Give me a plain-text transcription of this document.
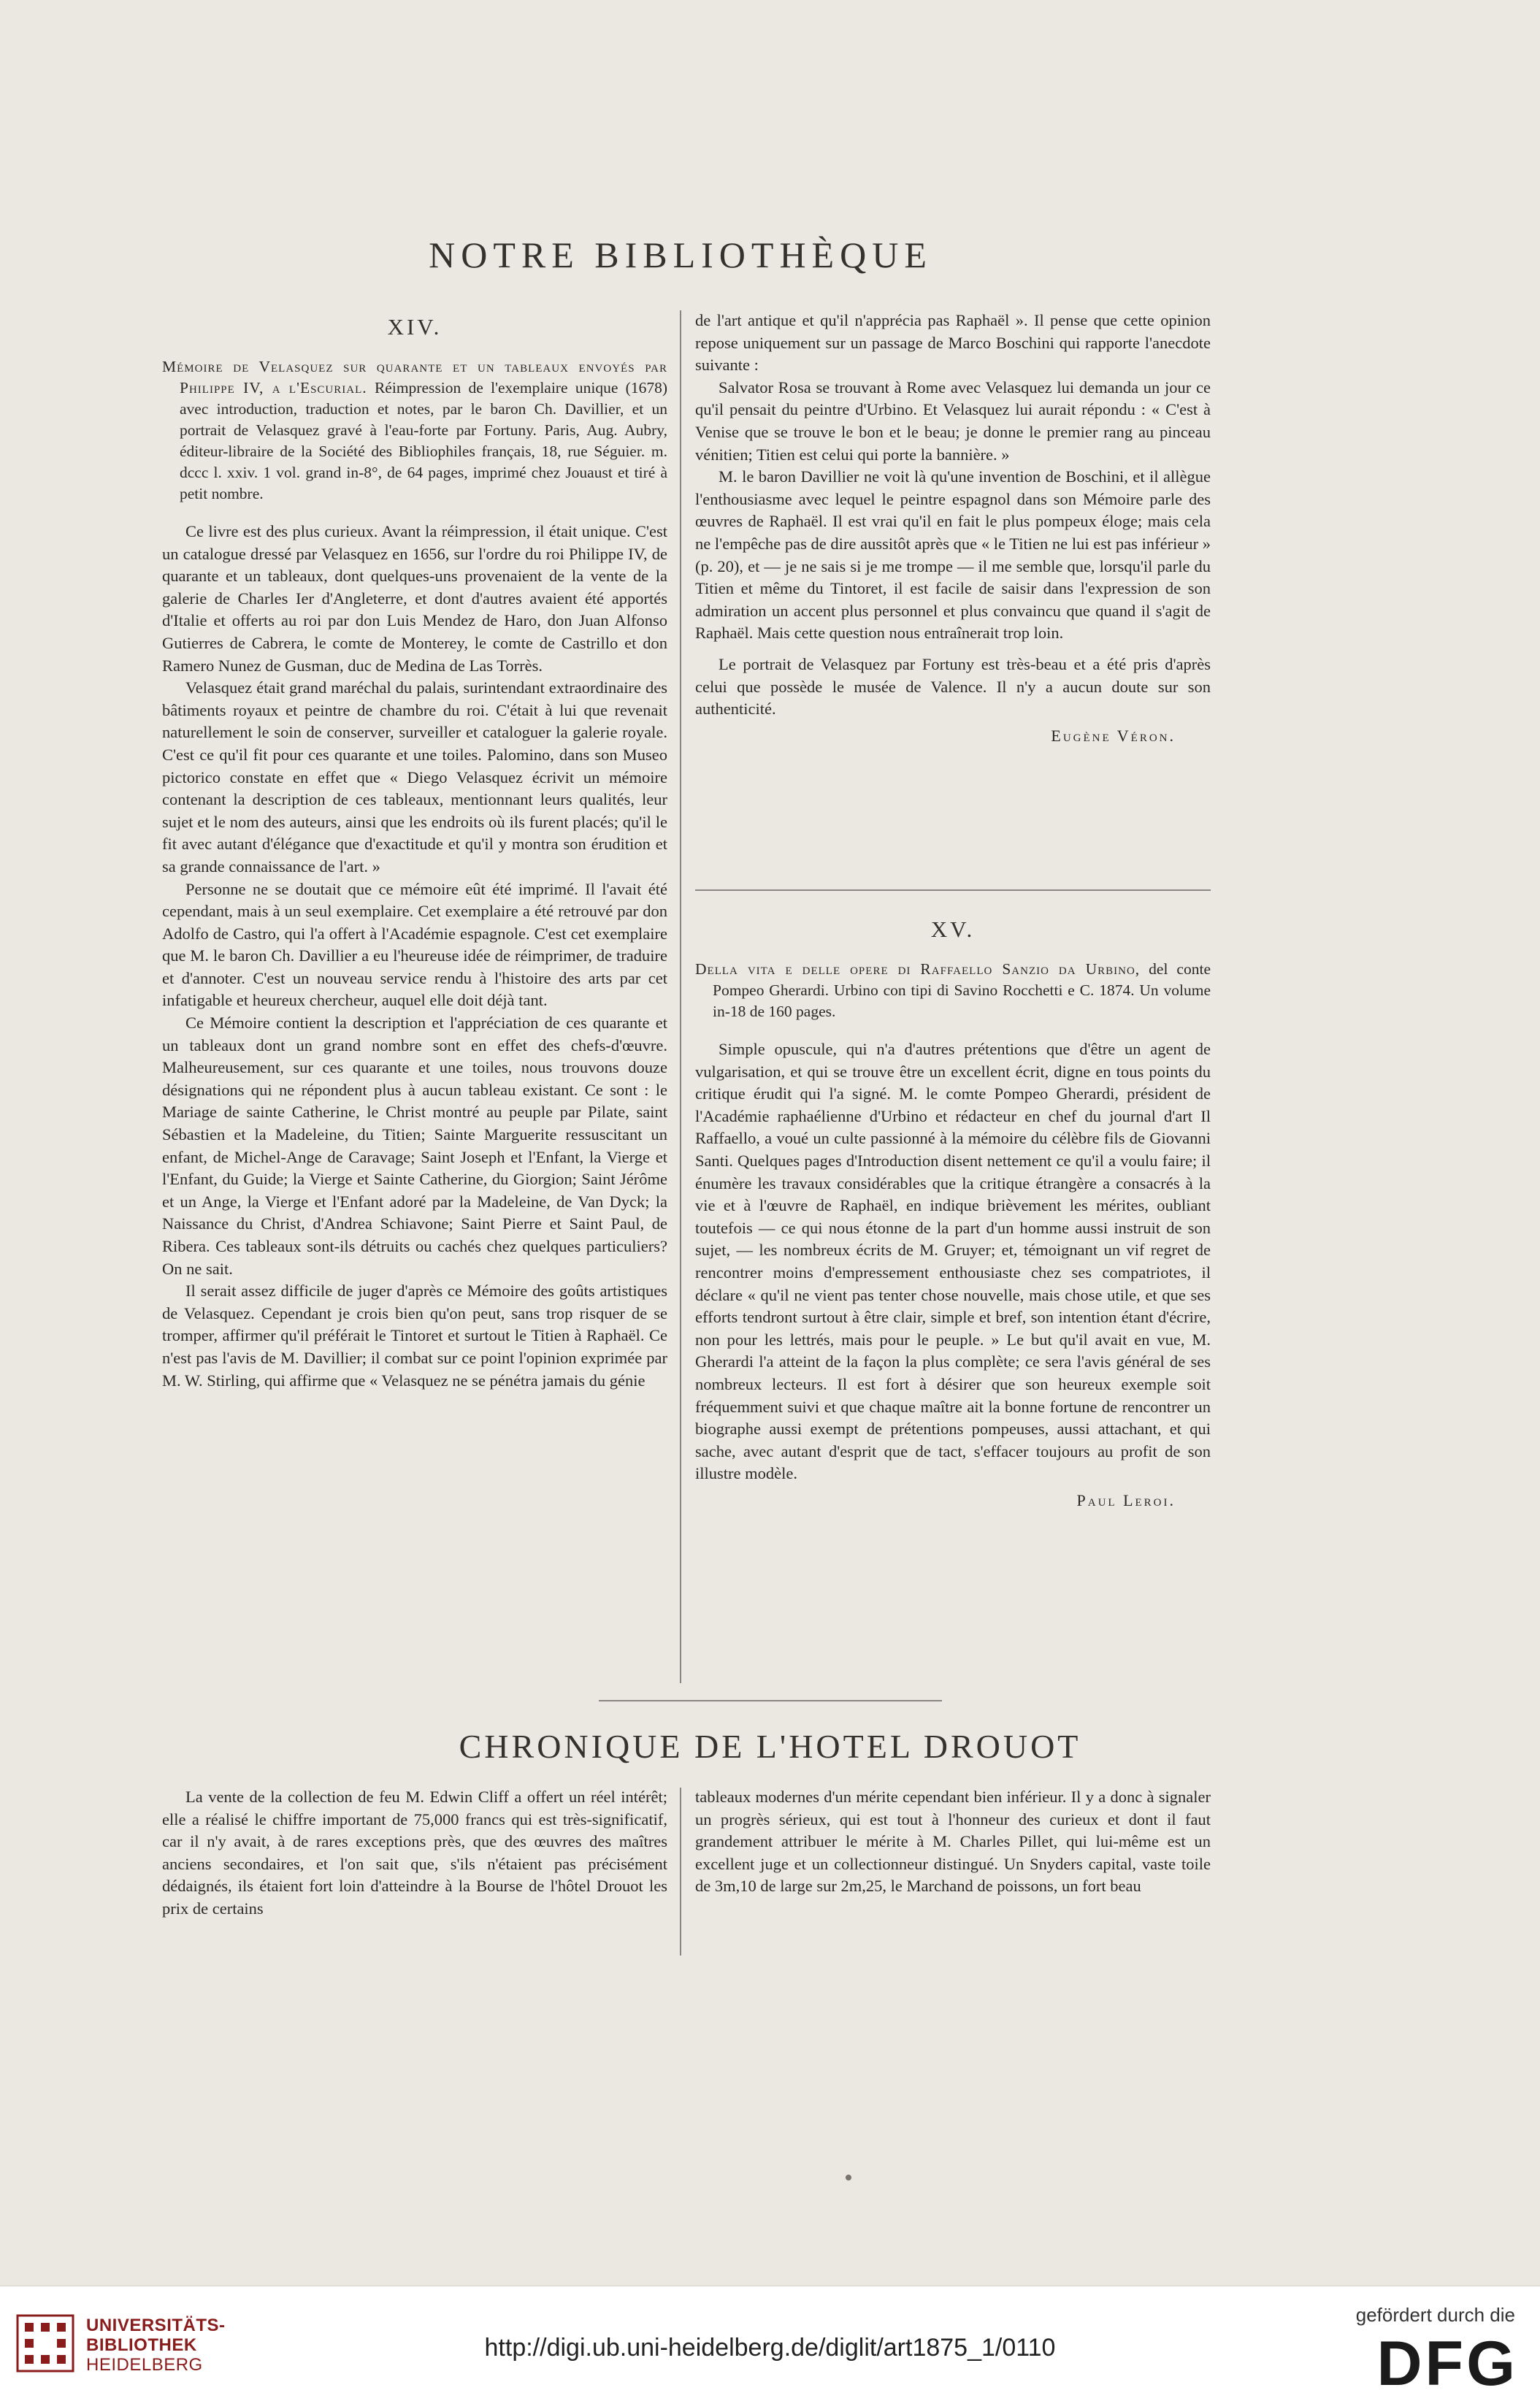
NOTRE BIBLIOTHÈQUE
XIV.
Mémoire de Velasquez sur quarante et un tableaux envoyés par Philippe IV, a l'Escurial. Réimpression de l'exemplaire unique (1678) avec introduction, traduction et notes, par le baron Ch. Davillier, et un portrait de Velasquez gravé à l'eau-forte par Fortuny. Paris, Aug. Aubry, éditeur-libraire de la Société des Bibliophiles français, 18, rue Séguier. m. dccc l. xxiv. 1 vol. grand in-8°, de 64 pages, imprimé chez Jouaust et tiré à petit nombre.

Ce livre est des plus curieux. Avant la réimpression, il était unique. C'est un catalogue dressé par Velasquez en 1656, sur l'ordre du roi Philippe IV, de quarante et un tableaux, dont quelques-uns provenaient de la vente de la galerie de Charles Ier d'Angleterre, et dont d'autres avaient été apportés d'Italie et offerts au roi par don Luis Mendez de Haro, don Juan Alfonso Gutierres de Cabrera, le comte de Monterey, le comte de Castrillo et don Ramero Nunez de Gusman, duc de Medina de Las Torrès.

Velasquez était grand maréchal du palais, surintendant extraordinaire des bâtiments royaux et peintre de chambre du roi. C'était à lui que revenait naturellement le soin de conserver, surveiller et cataloguer la galerie royale. C'est ce qu'il fit pour ces quarante et une toiles. Palomino, dans son Museo pictorico constate en effet que « Diego Velasquez écrivit un mémoire contenant la description de ces tableaux, mentionnant leurs qualités, leur sujet et le nom des auteurs, ainsi que les endroits où ils furent placés; qu'il le fit avec autant d'élégance que d'exactitude et qu'il y montra son érudition et sa grande connaissance de l'art. »

Personne ne se doutait que ce mémoire eût été imprimé. Il l'avait été cependant, mais à un seul exemplaire. Cet exemplaire a été retrouvé par don Adolfo de Castro, qui l'a offert à l'Académie espagnole. C'est cet exemplaire que M. le baron Ch. Davillier a eu l'heureuse idée de réimprimer, de traduire et d'annoter. C'est un nouveau service rendu à l'histoire des arts par cet infatigable et heureux chercheur, auquel elle doit déjà tant.

Ce Mémoire contient la description et l'appréciation de ces quarante et un tableaux dont un grand nombre sont en effet des chefs-d'œuvre. Malheureusement, sur ces quarante et une toiles, nous trouvons douze désignations qui ne répondent plus à aucun tableau existant. Ce sont : le Mariage de sainte Catherine, le Christ montré au peuple par Pilate, saint Sébastien et la Madeleine, du Titien; Sainte Marguerite ressuscitant un enfant, de Michel-Ange de Caravage; Saint Joseph et l'Enfant, la Vierge et l'Enfant, du Guide; la Vierge et Sainte Catherine, du Giorgion; Saint Jérôme et un Ange, la Vierge et l'Enfant adoré par la Madeleine, de Van Dyck; la Naissance du Christ, d'Andrea Schiavone; Saint Pierre et Saint Paul, de Ribera. Ces tableaux sont-ils détruits ou cachés chez quelques particuliers? On ne sait.

Il serait assez difficile de juger d'après ce Mémoire des goûts artistiques de Velasquez. Cependant je crois bien qu'on peut, sans trop risquer de se tromper, affirmer qu'il préférait le Tintoret et surtout le Titien à Raphaël. Ce n'est pas l'avis de M. Davillier; il combat sur ce point l'opinion exprimée par M. W. Stirling, qui affirme que « Velasquez ne se pénétra jamais du génie

de l'art antique et qu'il n'apprécia pas Raphaël ». Il pense que cette opinion repose uniquement sur un passage de Marco Boschini qui rapporte l'anecdote suivante :

Salvator Rosa se trouvant à Rome avec Velasquez lui demanda un jour ce qu'il pensait du peintre d'Urbino. Et Velasquez lui aurait répondu : « C'est à Venise que se trouve le bon et le beau; je donne le premier rang au pinceau vénitien; Titien est celui qui porte la bannière. »

M. le baron Davillier ne voit là qu'une invention de Boschini, et il allègue l'enthousiasme avec lequel le peintre espagnol dans son Mémoire parle des œuvres de Raphaël. Il est vrai qu'il en fait le plus pompeux éloge; mais cela ne l'empêche pas de dire aussitôt après que « le Titien ne lui est pas inférieur » (p. 20), et — je ne sais si je me trompe — il me semble que, lorsqu'il parle du Titien et même du Tintoret, il est facile de saisir dans l'expression de son admiration un accent plus personnel et plus convaincu que quand il s'agit de Raphaël. Mais cette question nous entraînerait trop loin.

Le portrait de Velasquez par Fortuny est très-beau et a été pris d'après celui que possède le musée de Valence. Il n'y a aucun doute sur son authenticité.

Eugène Véron.
XV.
Della vita e delle opere di Raffaello Sanzio da Urbino, del conte Pompeo Gherardi. Urbino con tipi di Savino Rocchetti e C. 1874. Un volume in-18 de 160 pages.

Simple opuscule, qui n'a d'autres prétentions que d'être un agent de vulgarisation, et qui se trouve être un excellent écrit, digne en tous points du critique érudit qui l'a signé. M. le comte Pompeo Gherardi, président de l'Académie raphaélienne d'Urbino et rédacteur en chef du journal d'art Il Raffaello, a voué un culte passionné à la mémoire du célèbre fils de Giovanni Santi. Quelques pages d'Introduction disent nettement ce qu'il a voulu faire; il énumère les travaux considérables que la critique étrangère a consacrés à la vie et à l'œuvre de Raphaël, en indique brièvement les mérites, oubliant toutefois — ce qui nous étonne de la part d'un homme aussi instruit de son sujet, — les nombreux écrits de M. Gruyer; et, témoignant un vif regret de rencontrer moins d'empressement enthousiaste chez ses compatriotes, il déclare « qu'il ne vient pas tenter chose nouvelle, mais chose utile, et que ses efforts tendront surtout à être clair, simple et bref, son intention étant d'écrire, non pour les lettrés, mais pour le peuple. » Le but qu'il avait en vue, M. Gherardi l'a atteint de la façon la plus complète; ce sera l'avis général de ses nombreux lecteurs. Il est fort à désirer que son heureux exemple soit fréquemment suivi et que chaque maître ait la bonne fortune de rencontrer un biographe aussi exempt de prétentions pompeuses, aussi attachant, et qui sache, avec autant d'esprit que de tact, s'effacer toujours au profit de son illustre modèle.

Paul Leroi.
CHRONIQUE DE L'HOTEL DROUOT

La vente de la collection de feu M. Edwin Cliff a offert un réel intérêt; elle a réalisé le chiffre important de 75,000 francs qui est très-significatif, car il n'y avait, à de rares exceptions près, que des œuvres des maîtres anciens secondaires, et l'on sait que, s'ils n'étaient pas précisément dédaignés, ils étaient fort loin d'atteindre à la Bourse de l'hôtel Drouot les prix de certains

tableaux modernes d'un mérite cependant bien inférieur. Il y a donc à signaler un progrès sérieux, qui est tout à l'honneur des curieux et dont il faut grandement attribuer le mérite à M. Charles Pillet, qui lui-même est un excellent juge et un collectionneur distingué. Un Snyders capital, vaste toile de 3m,10 de large sur 2m,25, le Marchand de poissons, un fort beau

UNIVERSITÄTS-
BIBLIOTHEK
HEIDELBERG
http://digi.ub.uni-heidelberg.de/diglit/art1875_1/0110
gefördert durch die
DFG
